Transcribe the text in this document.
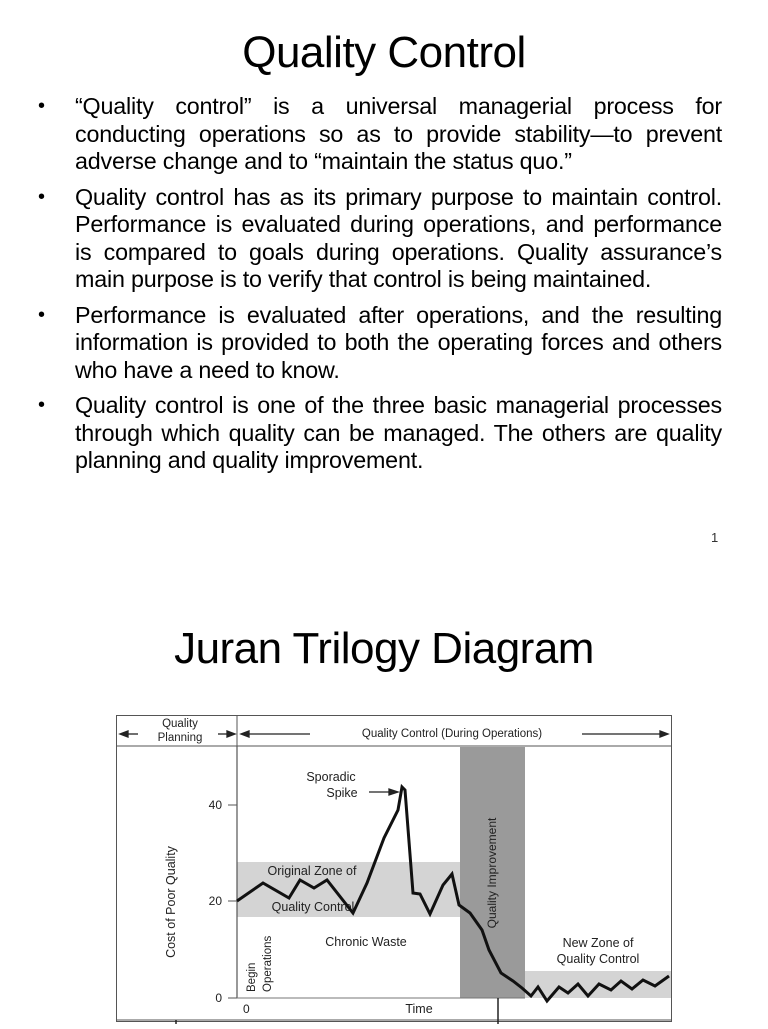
Quality Control
• “Quality control” is a universal managerial process for conducting operations so as to provide stability—to prevent adverse change and to “maintain the status quo.”
• Quality control has as its primary purpose to maintain control. Performance is evaluated during operations, and performance is compared to goals during operations. Quality assurance’s main purpose is to verify that control is being maintained.
• Performance is evaluated after operations, and the resulting information is provided to both the operating forces and others who have a need to know.
• Quality control is one of the three basic managerial processes through which quality can be managed. The others are quality planning and quality improvement.
1
Juran Trilogy Diagram
Quality
Planning	Quality Control (During Operations)
40
20
0
0	Time
Cost of Poor Quality
Sporadic
Spike
Original Zone of
Quality Control
Chronic Waste
Begin Operations
Quality Improvement
New Zone of
Quality Control
